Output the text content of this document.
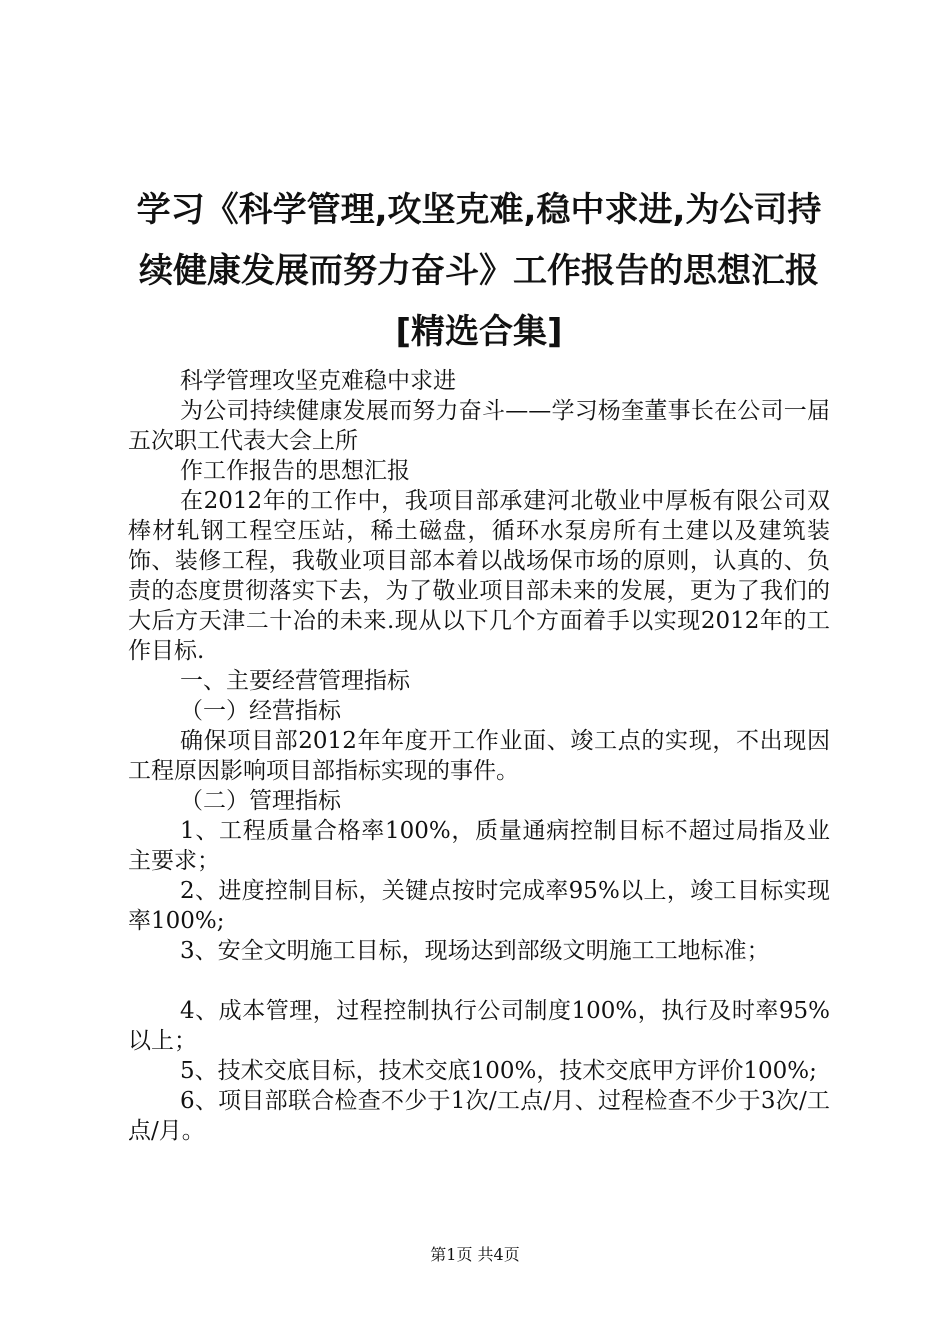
学习《科学管理,攻坚克难,稳中求进,为公司持续健康发展而努力奋斗》工作报告的思想汇报[精选合集]

科学管理攻坚克难稳中求进

为公司持续健康发展而努力奋斗——学习杨奎董事长在公司一届五次职工代表大会上所

作工作报告的思想汇报

在2012年的工作中，我项目部承建河北敬业中厚板有限公司双棒材轧钢工程空压站，稀土磁盘，循环水泵房所有土建以及建筑装饰、装修工程，我敬业项目部本着以战场保市场的原则，认真的、负责的态度贯彻落实下去，为了敬业项目部未来的发展，更为了我们的大后方天津二十冶的未来.现从以下几个方面着手以实现2012年的工作目标.

一、主要经营管理指标

（一）经营指标

确保项目部2012年年度开工作业面、竣工点的实现，不出现因工程原因影响项目部指标实现的事件。

（二）管理指标

1、工程质量合格率100%，质量通病控制目标不超过局指及业主要求；

2、进度控制目标，关键点按时完成率95%以上，竣工目标实现率100%;

3、安全文明施工目标，现场达到部级文明施工工地标准；

4、成本管理，过程控制执行公司制度100%，执行及时率95%以上；

5、技术交底目标，技术交底100%，技术交底甲方评价100%;

6、项目部联合检查不少于1次/工点/月、过程检查不少于3次/工点/月。

第1页 共4页
